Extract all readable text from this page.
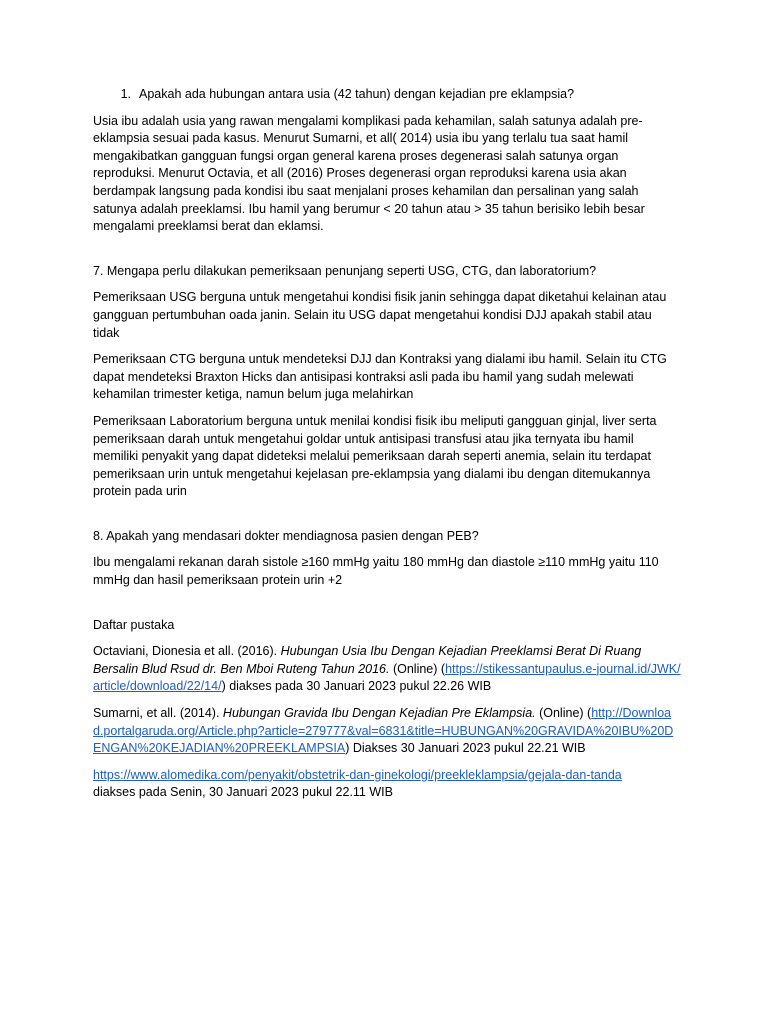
1. Apakah ada hubungan antara usia (42 tahun) dengan kejadian pre eklampsia?

Usia ibu adalah usia yang rawan mengalami komplikasi pada kehamilan, salah satunya adalah pre-eklampsia sesuai pada kasus. Menurut Sumarni, et all( 2014) usia ibu yang terlalu tua saat hamil mengakibatkan gangguan fungsi organ general karena proses degenerasi salah satunya organ reproduksi. Menurut Octavia, et all (2016) Proses degenerasi organ reproduksi karena usia akan berdampak langsung pada kondisi ibu saat menjalani proses kehamilan dan persalinan yang salah satunya adalah preeklamsi. Ibu hamil yang berumur < 20 tahun atau > 35 tahun berisiko lebih besar mengalami preeklamsi berat dan eklamsi.

7. Mengapa perlu dilakukan pemeriksaan penunjang seperti USG, CTG, dan laboratorium?

Pemeriksaan USG berguna untuk mengetahui kondisi fisik janin sehingga dapat diketahui kelainan atau gangguan pertumbuhan oada janin. Selain itu USG dapat mengetahui kondisi DJJ apakah stabil atau tidak

Pemeriksaan CTG berguna untuk mendeteksi DJJ dan Kontraksi yang dialami ibu hamil. Selain itu CTG dapat mendeteksi Braxton Hicks dan antisipasi kontraksi asli pada ibu hamil yang sudah melewati kehamilan trimester ketiga, namun belum juga melahirkan

Pemeriksaan Laboratorium berguna untuk menilai kondisi fisik ibu meliputi gangguan ginjal, liver serta pemeriksaan darah untuk mengetahui goldar untuk antisipasi transfusi atau jika ternyata ibu hamil memiliki penyakit yang dapat dideteksi melalui pemeriksaan darah seperti anemia, selain itu terdapat pemeriksaan urin untuk mengetahui kejelasan pre-eklampsia yang dialami ibu dengan ditemukannya protein pada urin

8. Apakah yang mendasari dokter mendiagnosa pasien dengan PEB?

Ibu mengalami rekanan darah sistole ≥160 mmHg yaitu 180 mmHg dan diastole ≥110 mmHg yaitu 110 mmHg dan hasil pemeriksaan protein urin +2

Daftar pustaka

Octaviani, Dionesia et all. (2016). Hubungan Usia Ibu Dengan Kejadian Preeklamsi Berat Di Ruang Bersalin Blud Rsud dr. Ben Mboi Ruteng Tahun 2016. (Online) (https://stikessantupaulus.e-journal.id/JWK/article/download/22/14/) diakses pada 30 Januari 2023 pukul 22.26 WIB

Sumarni, et all. (2014). Hubungan Gravida Ibu Dengan Kejadian Pre Eklampsia. (Online) (http://Download.portalgaruda.org/Article.php?article=279777&val=6831&title=HUBUNGAN%20GRAVIDA%20IBU%20DENGAN%20KEJADIAN%20PREEKLAMPSIA) Diakses 30 Januari 2023 pukul 22.21 WIB

https://www.alomedika.com/penyakit/obstetrik-dan-ginekologi/preekleklampsia/gejala-dan-tanda
diakses pada Senin, 30 Januari 2023 pukul 22.11 WIB
